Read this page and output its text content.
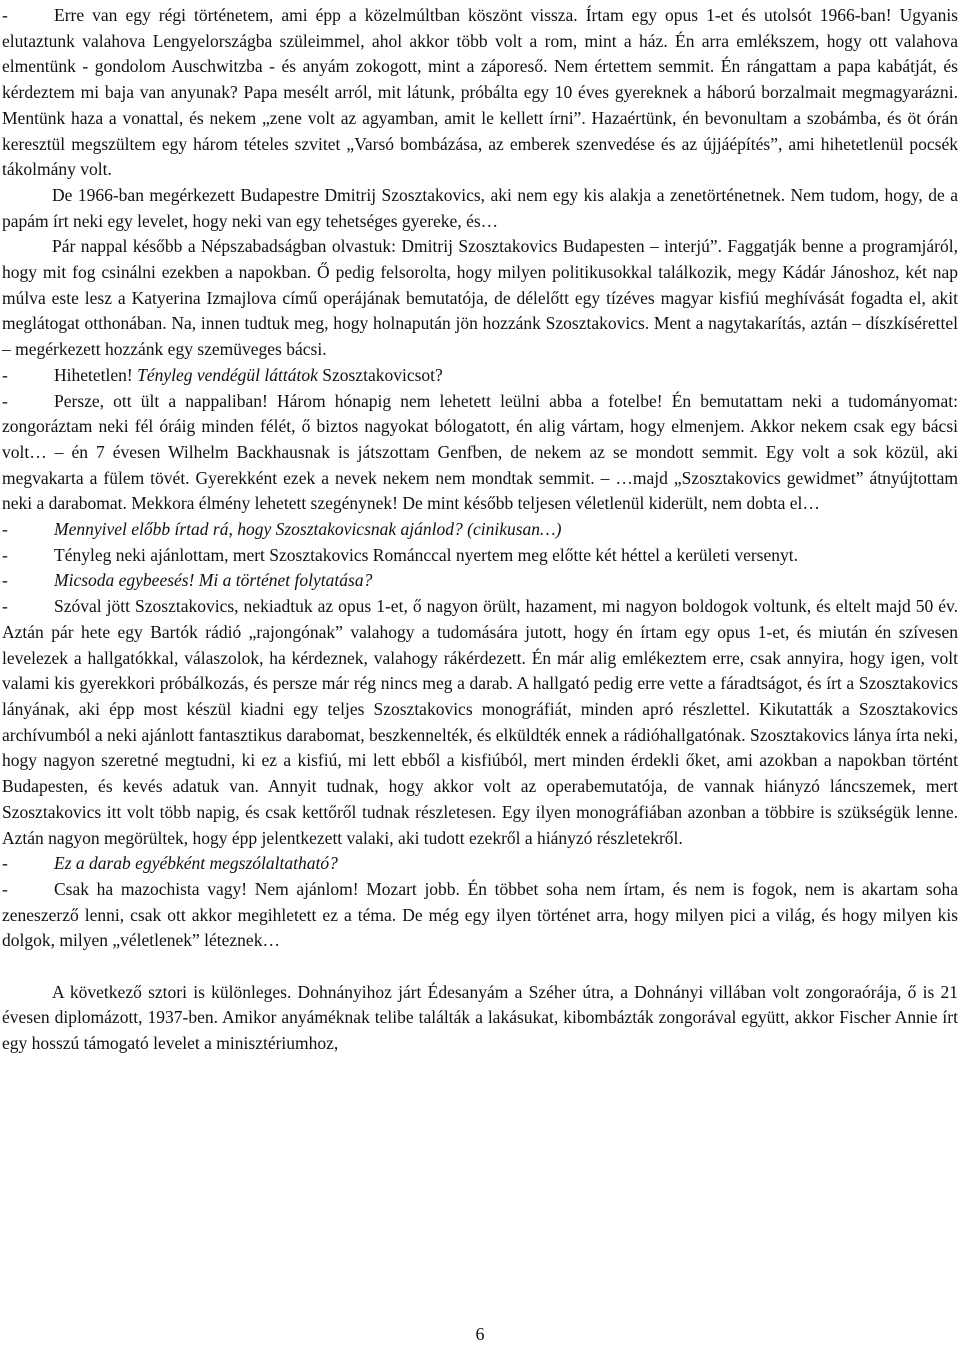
-	Erre van egy régi történetem, ami épp a közelmúltban köszönt vissza. Írtam egy opus 1-et és utolsót 1966-ban! Ugyanis elutaztunk valahova Lengyelországba szüleimmel, ahol akkor több volt a rom, mint a ház. Én arra emlékszem, hogy ott valahova elmentünk - gondolom Auschwitzba - és anyám zokogott, mint a záporeső. Nem értettem semmit. Én rángattam a papa kabátját, és kérdeztem mi baja van anyunak? Papa mesélt arról, mit látunk, próbálta egy 10 éves gyereknek a háború borzalmait megmagyarázni. Mentünk haza a vonattal, és nekem „zene volt az agyamban, amit le kellett írni”. Hazaértünk, én bevonultam a szobámba, és öt órán keresztül megszültem egy három tételes szvitet „Varsó bombázása, az emberek szenvedése és az újjáépítés”, ami hihetetlenül pocsék tákolmány volt.

De 1966-ban megérkezett Budapestre Dmitrij Szosztakovics, aki nem egy kis alakja a zenetörténetnek. Nem tudom, hogy, de a papám írt neki egy levelet, hogy neki van egy tehetséges gyereke, és…

Pár nappal később a Népszabadságban olvastuk: Dmitrij Szosztakovics Budapesten – interjú”. Faggatják benne a programjáról, hogy mit fog csinálni ezekben a napokban. Ő pedig felsorolta, hogy milyen politikusokkal találkozik, megy Kádár Jánoshoz, két nap múlva este lesz a Katyerina Izmajlova című operájának bemutatója, de délelőtt egy tízéves magyar kisfiú meghívását fogadta el, akit meglátogat otthonában. Na, innen tudtuk meg, hogy holnapután jön hozzánk Szosztakovics. Ment a nagytakarítás, aztán – díszkísérettel – megérkezett hozzánk egy szemüveges bácsi.

-	Hihetetlen! Tényleg vendégül láttátok Szosztakovicsot?

-	Persze, ott ült a nappaliban! Három hónapig nem lehetett leülni abba a fotelbe! Én bemutattam neki a tudományomat: zongoráztam neki fél óráig minden félét, ő biztos nagyokat bólogatott, én alig vártam, hogy elmenjem. Akkor nekem csak egy bácsi volt… – én 7 évesen Wilhelm Backhausnak is játszottam Genfben, de nekem az se mondott semmit. Egy volt a sok közül, aki megvakarta a fülem tövét. Gyerekként ezek a nevek nekem nem mondtak semmit. – …majd „Szosztakovics gewidmet” átnyújtottam neki a darabomat. Mekkora élmény lehetett szegénynek! De mint később teljesen véletlenül kiderült, nem dobta el…

-	Mennyivel előbb írtad rá, hogy Szosztakovicsnak ajánlod? (cinikusan…)

-	Tényleg neki ajánlottam, mert Szosztakovics Románccal nyertem meg előtte két héttel a kerületi versenyt.

-	Micsoda egybeesés! Mi a történet folytatása?

-	Szóval jött Szosztakovics, nekiadtuk az opus 1-et, ő nagyon örült, hazament, mi nagyon boldogok voltunk, és eltelt majd 50 év. Aztán pár hete egy Bartók rádió „rajongónak” valahogy a tudomására jutott, hogy én írtam egy opus 1-et, és miután én szívesen levelezek a hallgatókkal, válaszolok, ha kérdeznek, valahogy rákérdezett. Én már alig emlékeztem erre, csak annyira, hogy igen, volt valami kis gyerekkori próbálkozás, és persze már rég nincs meg a darab. A hallgató pedig erre vette a fáradtságot, és írt a Szosztakovics lányának, aki épp most készül kiadni egy teljes Szosztakovics monográfiát, minden apró részlettel. Kikutatták a Szosztakovics archívumból a neki ajánlott fantasztikus darabomat, beszkennelték, és elküldték ennek a rádióhallgatónak. Szosztakovics lánya írta neki, hogy nagyon szeretné megtudni, ki ez a kisfiú, mi lett ebből a kisfiúból, mert minden érdekli őket, ami azokban a napokban történt Budapesten, és kevés adatuk van. Annyit tudnak, hogy akkor volt az operabemutatója, de vannak hiányzó láncszemek, mert Szosztakovics itt volt több napig, és csak kettőről tudnak részletesen. Egy ilyen monográfiában azonban a többire is szükségük lenne. Aztán nagyon megörültek, hogy épp jelentkezett valaki, aki tudott ezekről a hiányzó részletekről.

-	Ez a darab egyébként megszólaltatható?

-	Csak ha mazochista vagy! Nem ajánlom! Mozart jobb. Én többet soha nem írtam, és nem is fogok, nem is akartam soha zeneszerző lenni, csak ott akkor megihletett ez a téma. De még egy ilyen történet arra, hogy milyen pici a világ, és hogy milyen kis dolgok, milyen „véletlenek” léteznek…

A következő sztori is különleges. Dohnányihoz járt Édesanyám a Széher útra, a Dohnányi villában volt zongoraórája, ő is 21 évesen diplomázott, 1937-ben. Amikor anyáméknak telibe találták a lakásukat, kibombázták zongorával együtt, akkor Fischer Annie írt egy hosszú támogató levelet a minisztériumhoz,

6
